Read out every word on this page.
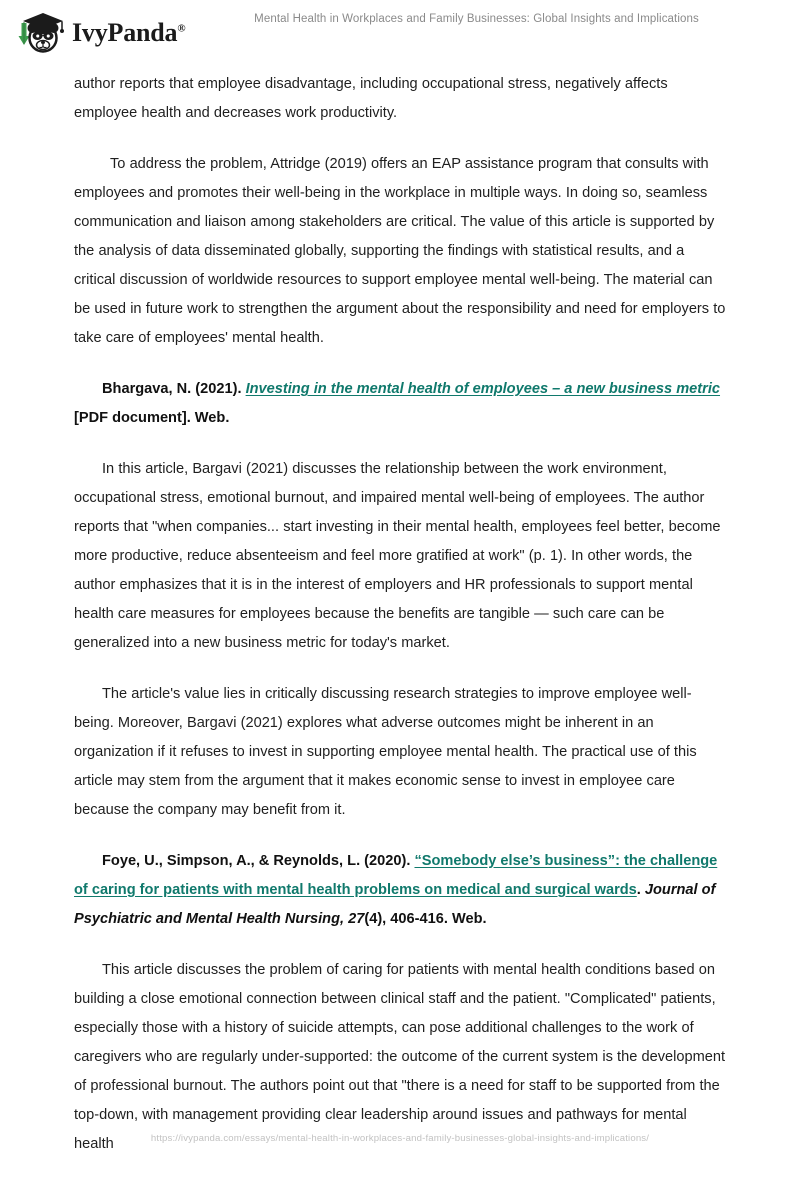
IvyPanda®
Mental Health in Workplaces and Family Businesses: Global Insights and Implications

author reports that employee disadvantage, including occupational stress, negatively affects employee health and decreases work productivity.

To address the problem, Attridge (2019) offers an EAP assistance program that consults with employees and promotes their well-being in the workplace in multiple ways. In doing so, seamless communication and liaison among stakeholders are critical. The value of this article is supported by the analysis of data disseminated globally, supporting the findings with statistical results, and a critical discussion of worldwide resources to support employee mental well-being. The material can be used in future work to strengthen the argument about the responsibility and need for employers to take care of employees' mental health.

Bhargava, N. (2021). Investing in the mental health of employees – a new business metric [PDF document]. Web.

In this article, Bargavi (2021) discusses the relationship between the work environment, occupational stress, emotional burnout, and impaired mental well-being of employees. The author reports that "when companies... start investing in their mental health, employees feel better, become more productive, reduce absenteeism and feel more gratified at work" (p. 1). In other words, the author emphasizes that it is in the interest of employers and HR professionals to support mental health care measures for employees because the benefits are tangible — such care can be generalized into a new business metric for today's market.

The article's value lies in critically discussing research strategies to improve employee well-being. Moreover, Bargavi (2021) explores what adverse outcomes might be inherent in an organization if it refuses to invest in supporting employee mental health. The practical use of this article may stem from the argument that it makes economic sense to invest in employee care because the company may benefit from it.

Foye, U., Simpson, A., & Reynolds, L. (2020). “Somebody else’s business”: the challenge of caring for patients with mental health problems on medical and surgical wards. Journal of Psychiatric and Mental Health Nursing, 27(4), 406-416. Web.

This article discusses the problem of caring for patients with mental health conditions based on building a close emotional connection between clinical staff and the patient. "Complicated" patients, especially those with a history of suicide attempts, can pose additional challenges to the work of caregivers who are regularly under-supported: the outcome of the current system is the development of professional burnout. The authors point out that "there is a need for staff to be supported from the top-down, with management providing clear leadership around issues and pathways for mental health	https://ivypanda.com/essays/mental-health-in-workplaces-and-family-businesses-global-insights-and-implications/
